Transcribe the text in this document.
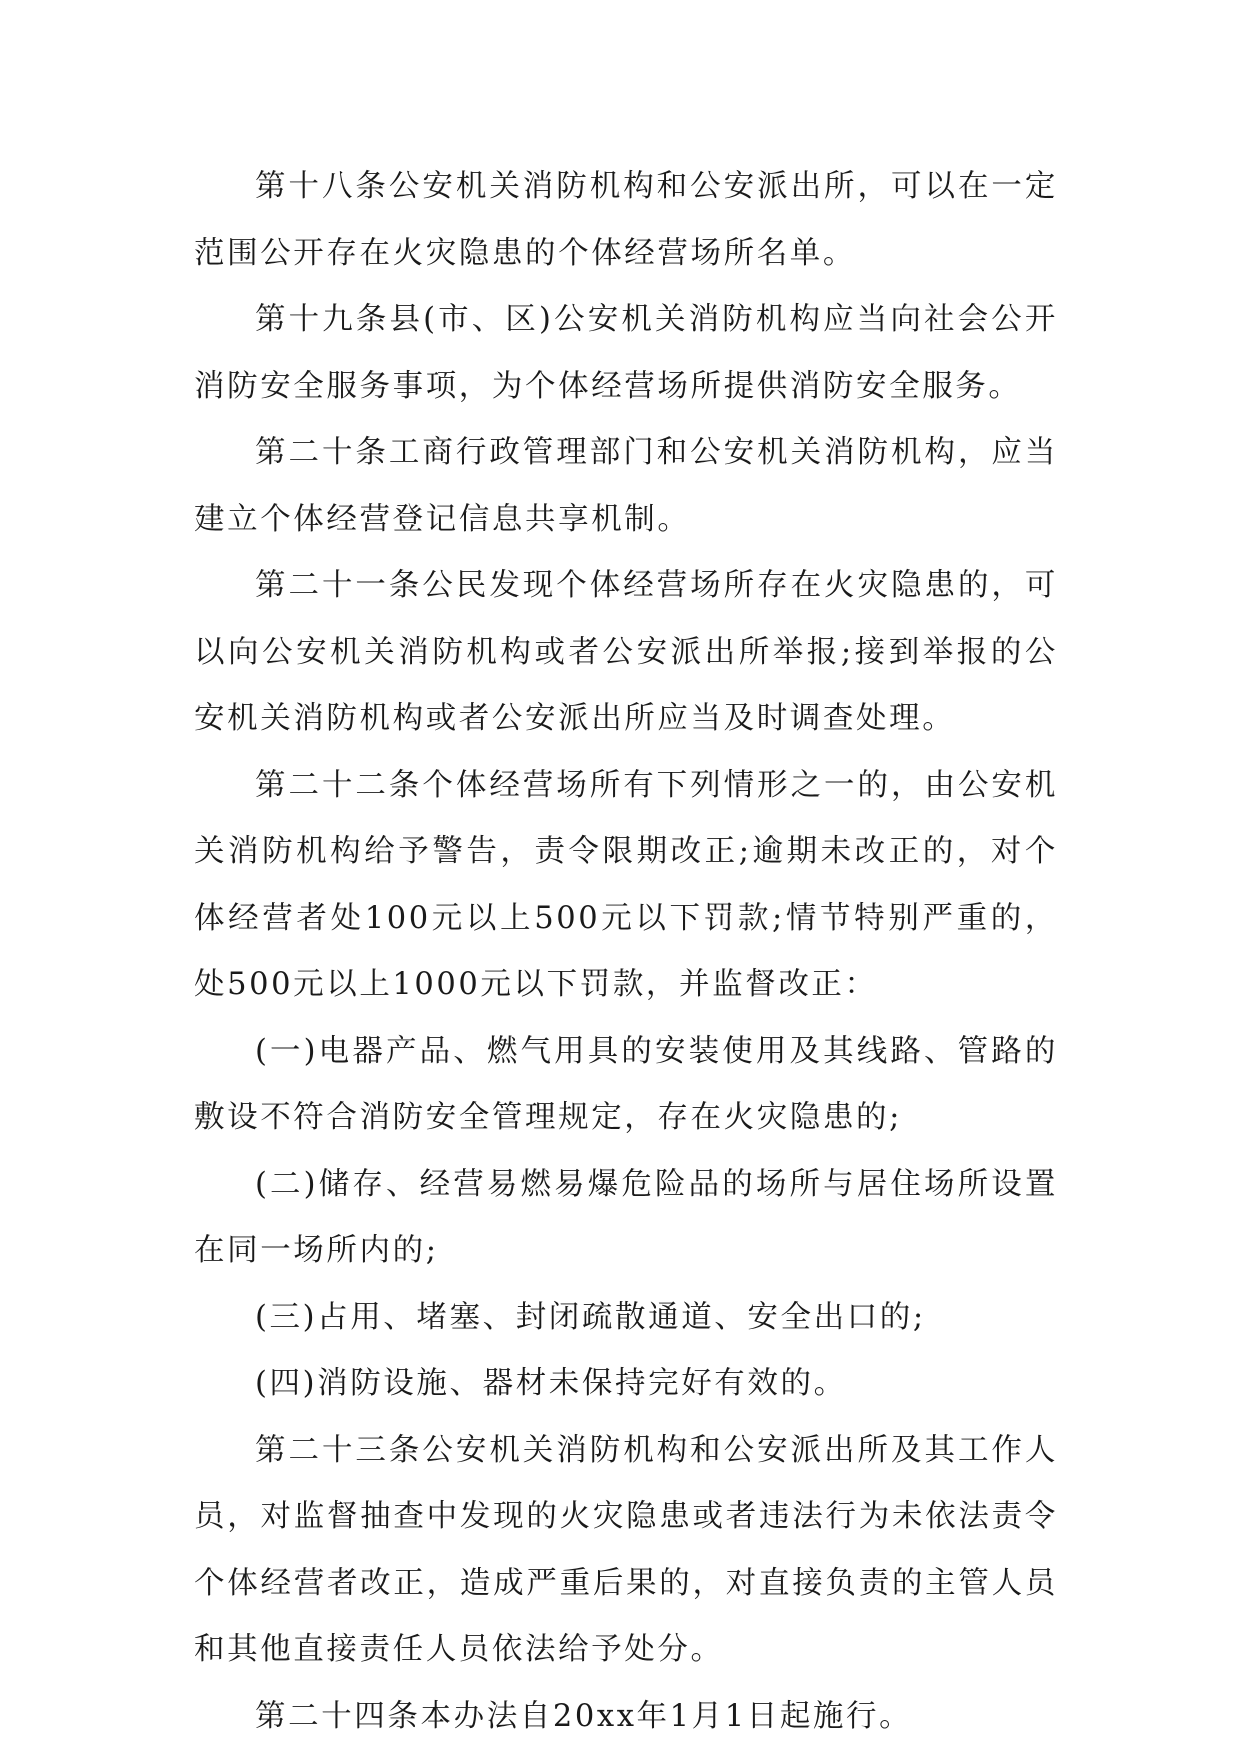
第十八条公安机关消防机构和公安派出所，可以在一定范围公开存在火灾隐患的个体经营场所名单。

第十九条县(市、区)公安机关消防机构应当向社会公开消防安全服务事项，为个体经营场所提供消防安全服务。

第二十条工商行政管理部门和公安机关消防机构，应当建立个体经营登记信息共享机制。

第二十一条公民发现个体经营场所存在火灾隐患的，可以向公安机关消防机构或者公安派出所举报;接到举报的公安机关消防机构或者公安派出所应当及时调查处理。

第二十二条个体经营场所有下列情形之一的，由公安机关消防机构给予警告，责令限期改正;逾期未改正的，对个体经营者处100元以上500元以下罚款;情节特别严重的，处500元以上1000元以下罚款，并监督改正：

(一)电器产品、燃气用具的安装使用及其线路、管路的敷设不符合消防安全管理规定，存在火灾隐患的;

(二)储存、经营易燃易爆危险品的场所与居住场所设置在同一场所内的;

(三)占用、堵塞、封闭疏散通道、安全出口的;

(四)消防设施、器材未保持完好有效的。

第二十三条公安机关消防机构和公安派出所及其工作人员，对监督抽查中发现的火灾隐患或者违法行为未依法责令个体经营者改正，造成严重后果的，对直接负责的主管人员和其他直接责任人员依法给予处分。

第二十四条本办法自20xx年1月1日起施行。
